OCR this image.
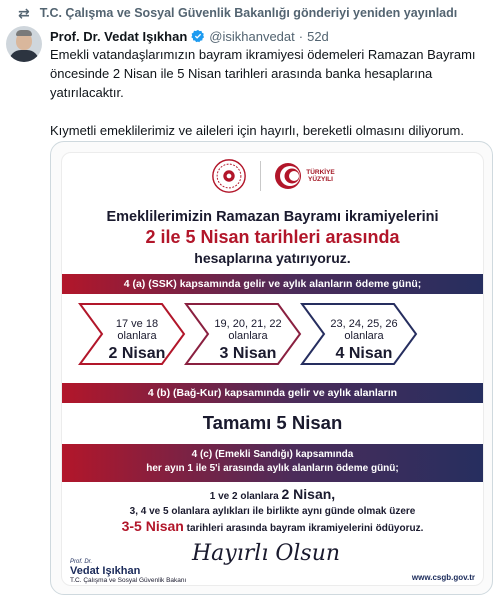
⇄ T.C. Çalışma ve Sosyal Güvenlik Bakanlığı gönderiyi yeniden yayınladı
Prof. Dr. Vedat Işıkhan @isikhanvedat · 52d

Emekli vatandaşlarımızın bayram ikramiyesi ödemeleri Ramazan Bayramı öncesinde 2 Nisan ile 5 Nisan tarihleri arasında banka hesaplarına yatırılacaktır.

Kıymetli emeklilerimiz ve aileleri için hayırlı, bereketli olmasını diliyorum.

TÜRKİYE
YÜZYILI
Emeklilerimizin Ramazan Bayramı ikramiyelerini
2 ile 5 Nisan tarihleri arasında
hesaplarına yatırıyoruz.
4 (a) (SSK) kapsamında gelir ve aylık alanların ödeme günü;
17 ve 18
olanlara
2 Nisan
19, 20, 21, 22
olanlara
3 Nisan
23, 24, 25, 26
olanlara
4 Nisan
4 (b) (Bağ-Kur) kapsamında gelir ve aylık alanların
Tamamı 5 Nisan
4 (c) (Emekli Sandığı) kapsamında
her ayın 1 ile 5'i arasında aylık alanların ödeme günü;
1 ve 2 olanlara 2 Nisan,
3, 4 ve 5 olanlara aylıkları ile birlikte aynı günde olmak üzere
3-5 Nisan tarihleri arasında bayram ikramiyelerini ödüyoruz.
Prof. Dr.
Vedat Işıkhan
T.C. Çalışma ve Sosyal Güvenlik Bakanı
Hayırlı Olsun
www.csgb.gov.tr
